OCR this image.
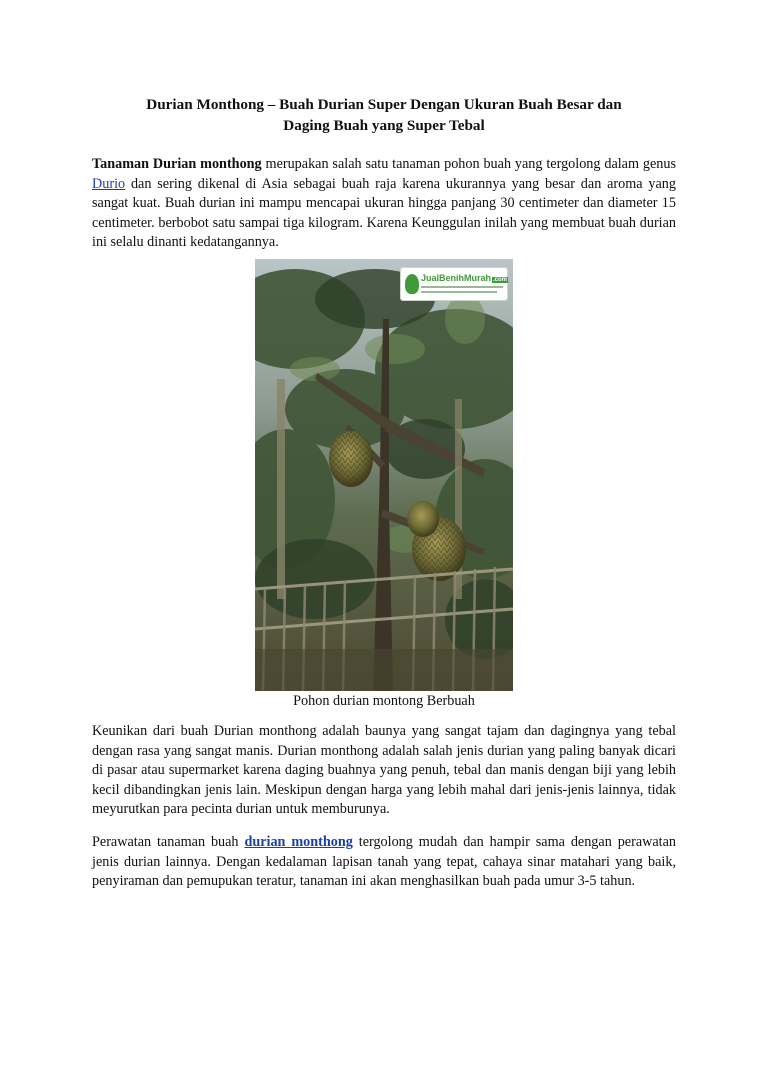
Durian Monthong – Buah Durian Super Dengan Ukuran Buah Besar dan
Daging Buah yang Super Tebal

Tanaman Durian monthong merupakan salah satu tanaman pohon buah yang tergolong dalam genus Durio dan sering dikenal di Asia sebagai buah raja karena ukurannya yang besar dan aroma yang sangat kuat. Buah durian ini mampu mencapai ukuran hingga panjang 30 centimeter dan diameter 15 centimeter. berbobot satu sampai tiga kilogram. Karena Keunggulan inilah yang membuat buah durian ini selalu dinanti kedatangannya.

JualBenihMurah .com
Pohon durian montong Berbuah

Keunikan dari buah Durian monthong adalah baunya yang sangat tajam dan dagingnya yang tebal dengan rasa yang sangat manis. Durian monthong adalah salah jenis durian yang paling banyak dicari di pasar atau supermarket karena daging buahnya yang penuh, tebal dan manis dengan biji yang lebih kecil dibandingkan jenis lain. Meskipun dengan harga yang lebih mahal dari jenis-jenis lainnya, tidak meyurutkan para pecinta durian untuk memburunya.

Perawatan tanaman buah durian monthong tergolong mudah dan hampir sama dengan perawatan jenis durian lainnya. Dengan kedalaman lapisan tanah yang tepat, cahaya sinar matahari yang baik, penyiraman dan pemupukan teratur, tanaman ini akan menghasilkan buah pada umur 3-5 tahun.
